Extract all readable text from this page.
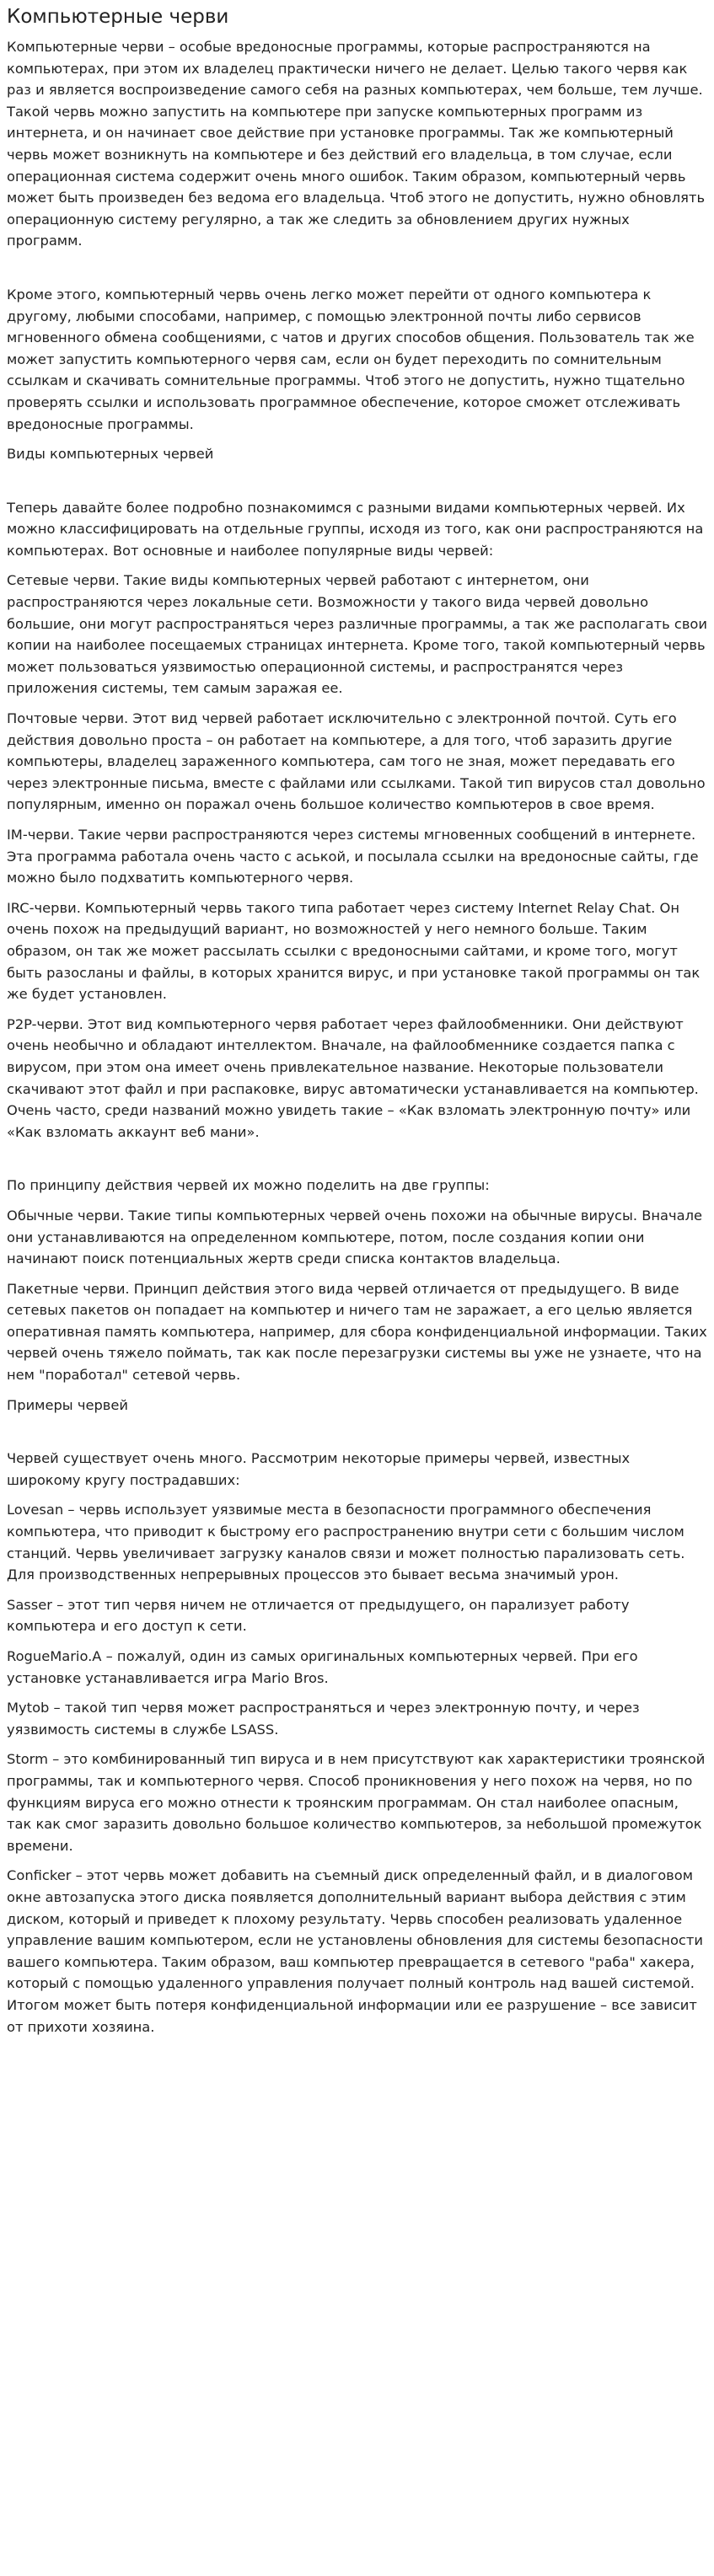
Компьютерные черви

Компьютерные черви – особые вредоносные программы, которые распространяются на компьютерах, при этом их владелец практически ничего не делает. Целью такого червя как раз и является воспроизведение самого себя на разных компьютерах, чем больше, тем лучше. Такой червь можно запустить на компьютере при запуске компьютерных программ из интернета, и он начинает свое действие при установке программы. Так же компьютерный червь может возникнуть на компьютере и без действий его владельца, в том случае, если операционная система содержит очень много ошибок. Таким образом, компьютерный червь может быть произведен без ведома его владельца. Чтоб этого не допустить, нужно обновлять операционную систему регулярно, а так же следить за обновлением других нужных программ.

Кроме этого, компьютерный червь очень легко может перейти от одного компьютера к другому, любыми способами, например, с помощью электронной почты либо сервисов мгновенного обмена сообщениями, с чатов и других способов общения. Пользователь так же может запустить компьютерного червя сам, если он будет переходить по сомнительным ссылкам и скачивать сомнительные программы. Чтоб этого не допустить, нужно тщательно проверять ссылки и использовать программное обеспечение, которое сможет отслеживать вредоносные программы.

Виды компьютерных червей

Теперь давайте более подробно познакомимся с разными видами компьютерных червей. Их можно классифицировать на отдельные группы, исходя из того, как они распространяются на компьютерах. Вот основные и наиболее популярные виды червей:

Сетевые черви. Такие виды компьютерных червей работают с интернетом, они распространяются через локальные сети. Возможности у такого вида червей довольно большие, они могут распространяться через различные программы, а так же располагать свои копии на наиболее посещаемых страницах интернета. Кроме того, такой компьютерный червь может пользоваться уязвимостью операционной системы, и распространятся через приложения системы, тем самым заражая ее.

Почтовые черви. Этот вид червей работает исключительно с электронной почтой. Суть его действия довольно проста – он работает на компьютере, а для того, чтоб заразить другие компьютеры, владелец зараженного компьютера, сам того не зная, может передавать его через электронные письма, вместе с файлами или ссылками. Такой тип вирусов стал довольно популярным, именно он поражал очень большое количество компьютеров в свое время.

IM-черви. Такие черви распространяются через системы мгновенных сообщений в интернете. Эта программа работала очень часто с аськой, и посылала ссылки на вредоносные сайты, где можно было подхватить компьютерного червя.

IRC-черви. Компьютерный червь такого типа работает через систему Internet Relay Chat. Он очень похож на предыдущий вариант, но возможностей у него немного больше. Таким образом, он так же может рассылать ссылки с вредоносными сайтами, и кроме того, могут быть разосланы и файлы, в которых хранится вирус, и при установке такой программы он так же будет установлен.

P2P-черви. Этот вид компьютерного червя работает через файлообменники. Они действуют очень необычно и обладают интеллектом. Вначале, на файлообменнике создается папка с вирусом, при этом она имеет очень привлекательное название. Некоторые пользователи скачивают этот файл и при распаковке, вирус автоматически устанавливается на компьютер. Очень часто, среди названий можно увидеть такие – «Как взломать электронную почту» или «Как взломать аккаунт веб мани».

По принципу действия червей их можно поделить на две группы:

Обычные черви. Такие типы компьютерных червей очень похожи на обычные вирусы. Вначале они устанавливаются на определенном компьютере, потом, после создания копии они начинают поиск потенциальных жертв среди списка контактов владельца.

Пакетные черви. Принцип действия этого вида червей отличается от предыдущего. В виде сетевых пакетов он попадает на компьютер и ничего там не заражает, а его целью является оперативная память компьютера, например, для сбора конфиденциальной информации. Таких червей очень тяжело поймать, так как после перезагрузки системы вы уже не узнаете, что на нем "поработал" сетевой червь.

Примеры червей

Червей существует очень много. Рассмотрим некоторые примеры червей, известных широкому кругу пострадавших:

Lovesan – червь использует уязвимые места в безопасности программного обеспечения компьютера, что приводит к быстрому его распространению внутри сети с большим числом станций. Червь увеличивает загрузку каналов связи и может полностью парализовать сеть. Для производственных непрерывных процессов это бывает весьма значимый урон.

Sasser – этот тип червя ничем не отличается от предыдущего, он парализует работу компьютера и его доступ к сети.

RogueMario.A – пожалуй, один из самых оригинальных компьютерных червей. При его установке устанавливается игра Mario Bros.

Mytob – такой тип червя может распространяться и через электронную почту, и через уязвимость системы в службе LSASS.

Storm – это комбинированный тип вируса и в нем присутствуют как характеристики троянской программы, так и компьютерного червя. Способ проникновения у него похож на червя, но по функциям вируса его можно отнести к троянским программам. Он стал наиболее опасным, так как смог заразить довольно большое количество компьютеров, за небольшой промежуток времени.

Conficker – этот червь может добавить на съемный диск определенный файл, и в диалоговом окне автозапуска этого диска появляется дополнительный вариант выбора действия с этим диском, который и приведет к плохому результату. Червь способен реализовать удаленное управление вашим компьютером, если не установлены обновления для системы безопасности вашего компьютера. Таким образом, ваш компьютер превращается в сетевого "раба" хакера, который с помощью удаленного управления получает полный контроль над вашей системой. Итогом может быть потеря конфиденциальной информации или ее разрушение – все зависит от прихоти хозяина.
